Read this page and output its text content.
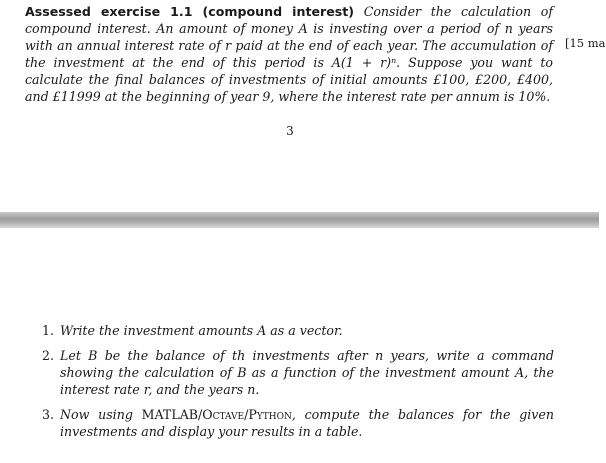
Assessed exercise 1.1 (compound interest) Consider the calculation of compound interest. An amount of money A is investing over a period of n years with an annual interest rate of r paid at the end of each year. The accumulation of the investment at the end of this period is A(1 + r)ⁿ. Suppose you want to calculate the final balances of investments of initial amounts £100, £200, £400, and £11999 at the beginning of year 9, where the interest rate per annum is 10%.
[15 ma
3
1. Write the investment amounts A as a vector.
2. Let B be the balance of th investments after n years, write a command showing the calculation of B as a function of the investment amount A, the interest rate r, and the years n.
3. Now using MATLAB/Octave/Python, compute the balances for the given investments and display your results in a table.
